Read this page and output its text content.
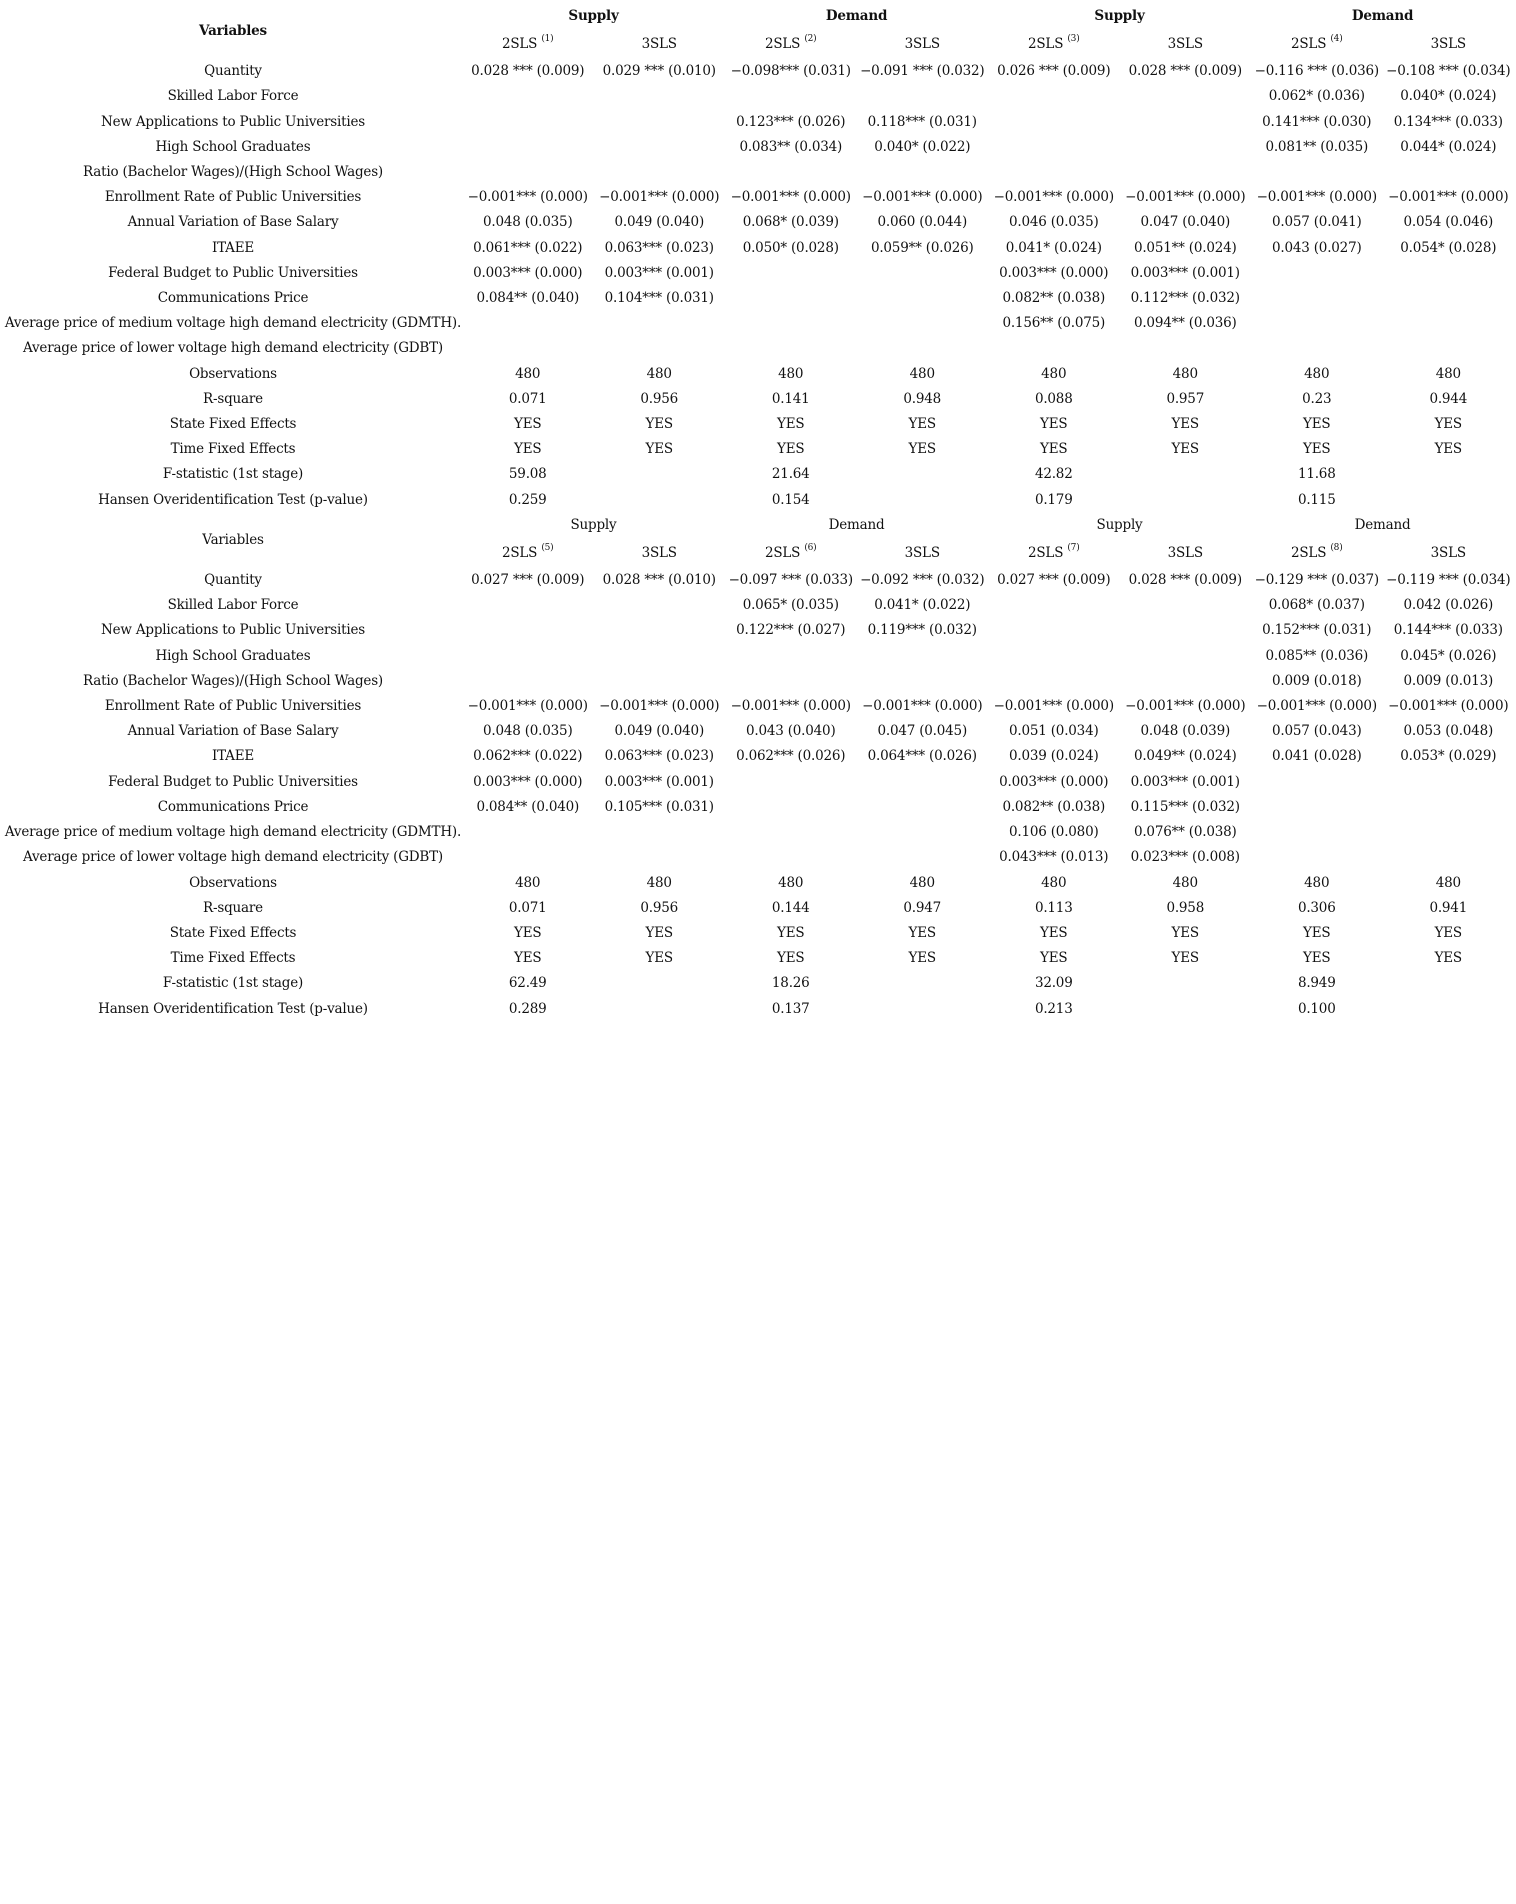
Variables	Supply		Demand		Supply		Demand	
	2SLS $^{(1)}$	3SLS	2SLS $^{(2)}$	3SLS	2SLS $^{(3)}$	3SLS	2SLS $^{(4)}$	3SLS
Quantity	0.028 *** (0.009)	0.029 *** (0.010)	−0.098*** (0.031)	−0.091 *** (0.032)	0.026 *** (0.009)	0.028 *** (0.009)	−0.116 *** (0.036)	−0.108 *** (0.034)
Skilled Labor Force							0.062* (0.036)	0.040* (0.024)
New Applications to Public Universities			0.123*** (0.026)	0.118*** (0.031)			0.141*** (0.030)	0.134*** (0.033)
High School Graduates			0.083** (0.034)	0.040* (0.022)			0.081** (0.035)	0.044* (0.024)
Ratio (Bachelor Wages)/(High School Wages)								
Enrollment Rate of Public Universities	−0.001*** (0.000)	−0.001*** (0.000)	−0.001*** (0.000)	−0.001*** (0.000)	−0.001*** (0.000)	−0.001*** (0.000)	−0.001*** (0.000)	−0.001*** (0.000)
Annual Variation of Base Salary	0.048 (0.035)	0.049 (0.040)	0.068* (0.039)	0.060 (0.044)	0.046 (0.035)	0.047 (0.040)	0.057 (0.041)	0.054 (0.046)
ITAEE	0.061*** (0.022)	0.063*** (0.023)	0.050* (0.028)	0.059** (0.026)	0.041* (0.024)	0.051** (0.024)	0.043 (0.027)	0.054* (0.028)
Federal Budget to Public Universities	0.003*** (0.000)	0.003*** (0.001)			0.003*** (0.000)	0.003*** (0.001)		
Communications Price	0.084** (0.040)	0.104*** (0.031)			0.082** (0.038)	0.112*** (0.032)		
Average price of medium voltage high demand electricity (GDMTH).					0.156** (0.075)	0.094** (0.036)		
Average price of lower voltage high demand electricity (GDBT)								
Observations	480	480	480	480	480	480	480	480
R-square	0.071	0.956	0.141	0.948	0.088	0.957	0.23	0.944
State Fixed Effects	YES	YES	YES	YES	YES	YES	YES	YES
Time Fixed Effects	YES	YES	YES	YES	YES	YES	YES	YES
F-statistic (1st stage)	59.08		21.64		42.82		11.68	
Hansen Overidentification Test (p-value)	0.259		0.154		0.179		0.115	
Variables	Supply		Demand		Supply		Demand	
	2SLS $^{(5)}$	3SLS	2SLS $^{(6)}$	3SLS	2SLS $^{(7)}$	3SLS	2SLS $^{(8)}$	3SLS
Quantity	0.027 *** (0.009)	0.028 *** (0.010)	−0.097 *** (0.033)	−0.092 *** (0.032)	0.027 *** (0.009)	0.028 *** (0.009)	−0.129 *** (0.037)	−0.119 *** (0.034)
Skilled Labor Force			0.065* (0.035)	0.041* (0.022)			0.068* (0.037)	0.042 (0.026)
New Applications to Public Universities			0.122*** (0.027)	0.119*** (0.032)			0.152*** (0.031)	0.144*** (0.033)
High School Graduates							0.085** (0.036)	0.045* (0.026)
Ratio (Bachelor Wages)/(High School Wages)							0.009 (0.018)	0.009 (0.013)
Enrollment Rate of Public Universities	−0.001*** (0.000)	−0.001*** (0.000)	−0.001*** (0.000)	−0.001*** (0.000)	−0.001*** (0.000)	−0.001*** (0.000)	−0.001*** (0.000)	−0.001*** (0.000)
Annual Variation of Base Salary	0.048 (0.035)	0.049 (0.040)	0.043 (0.040)	0.047 (0.045)	0.051 (0.034)	0.048 (0.039)	0.057 (0.043)	0.053 (0.048)
ITAEE	0.062*** (0.022)	0.063*** (0.023)	0.062*** (0.026)	0.064*** (0.026)	0.039 (0.024)	0.049** (0.024)	0.041 (0.028)	0.053* (0.029)
Federal Budget to Public Universities	0.003*** (0.000)	0.003*** (0.001)			0.003*** (0.000)	0.003*** (0.001)		
Communications Price	0.084** (0.040)	0.105*** (0.031)			0.082** (0.038)	0.115*** (0.032)		
Average price of medium voltage high demand electricity (GDMTH).					0.106 (0.080)	0.076** (0.038)		
Average price of lower voltage high demand electricity (GDBT)					0.043*** (0.013)	0.023*** (0.008)		
Observations	480	480	480	480	480	480	480	480
R-square	0.071	0.956	0.144	0.947	0.113	0.958	0.306	0.941
State Fixed Effects	YES	YES	YES	YES	YES	YES	YES	YES
Time Fixed Effects	YES	YES	YES	YES	YES	YES	YES	YES
F-statistic (1st stage)	62.49		18.26		32.09		8.949	
Hansen Overidentification Test (p-value)	0.289		0.137		0.213		0.100	
